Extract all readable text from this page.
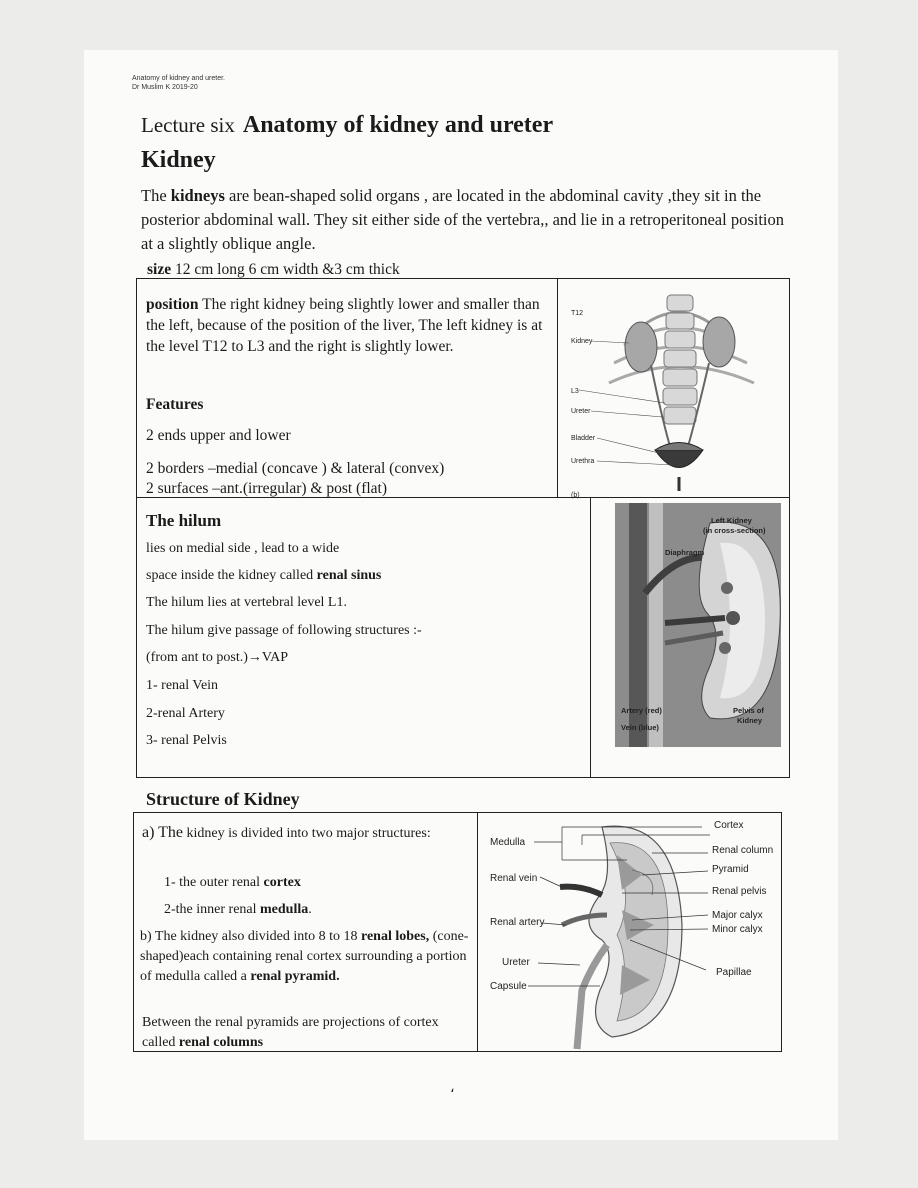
Anatomy of kidney and ureter.
Dr Muslim K 2019-20
Lecture six Anatomy of kidney and ureter
Kidney
The kidneys are bean-shaped solid organs , are located in the abdominal cavity ,they sit in the posterior abdominal wall. They sit either side of the vertebra,, and lie in a retroperitoneal position at a slightly oblique angle.
size 12 cm long 6 cm width &3 cm thick
position The right kidney being slightly lower and smaller than the left, because of the position of the liver, The left kidney is at the level T12 to L3 and the right is slightly lower.
Features
2 ends upper and lower
2 borders –medial (concave ) & lateral (convex)
2 surfaces –ant.(irregular) & post (flat)
T12
Kidney
L3
Ureter
Bladder
Urethra
(b)
The hilum
lies on medial side , lead to a wide
space inside the kidney called renal sinus
The hilum lies at vertebral level L1.
The hilum give passage of following structures :-
(from ant to post.)→VAP
1- renal Vein
2-renal Artery
3- renal Pelvis
Left Kidney
(in cross-section)
Diaphragm
Artery (red)
Vein (blue)
Pelvis of
Kidney
Structure of Kidney
a) The kidney is divided into two major structures:
1- the outer renal cortex
2-the inner renal medulla.
b) The kidney also divided into 8 to 18 renal lobes, (cone-shaped)each containing renal cortex surrounding a portion of medulla called a renal pyramid.
Between the renal pyramids are projections of cortex called renal columns
Medulla
Cortex
Renal column
Pyramid
Renal vein
Renal pelvis
Renal artery
Major calyx
Minor calyx
Ureter
Papillae
Capsule
،
